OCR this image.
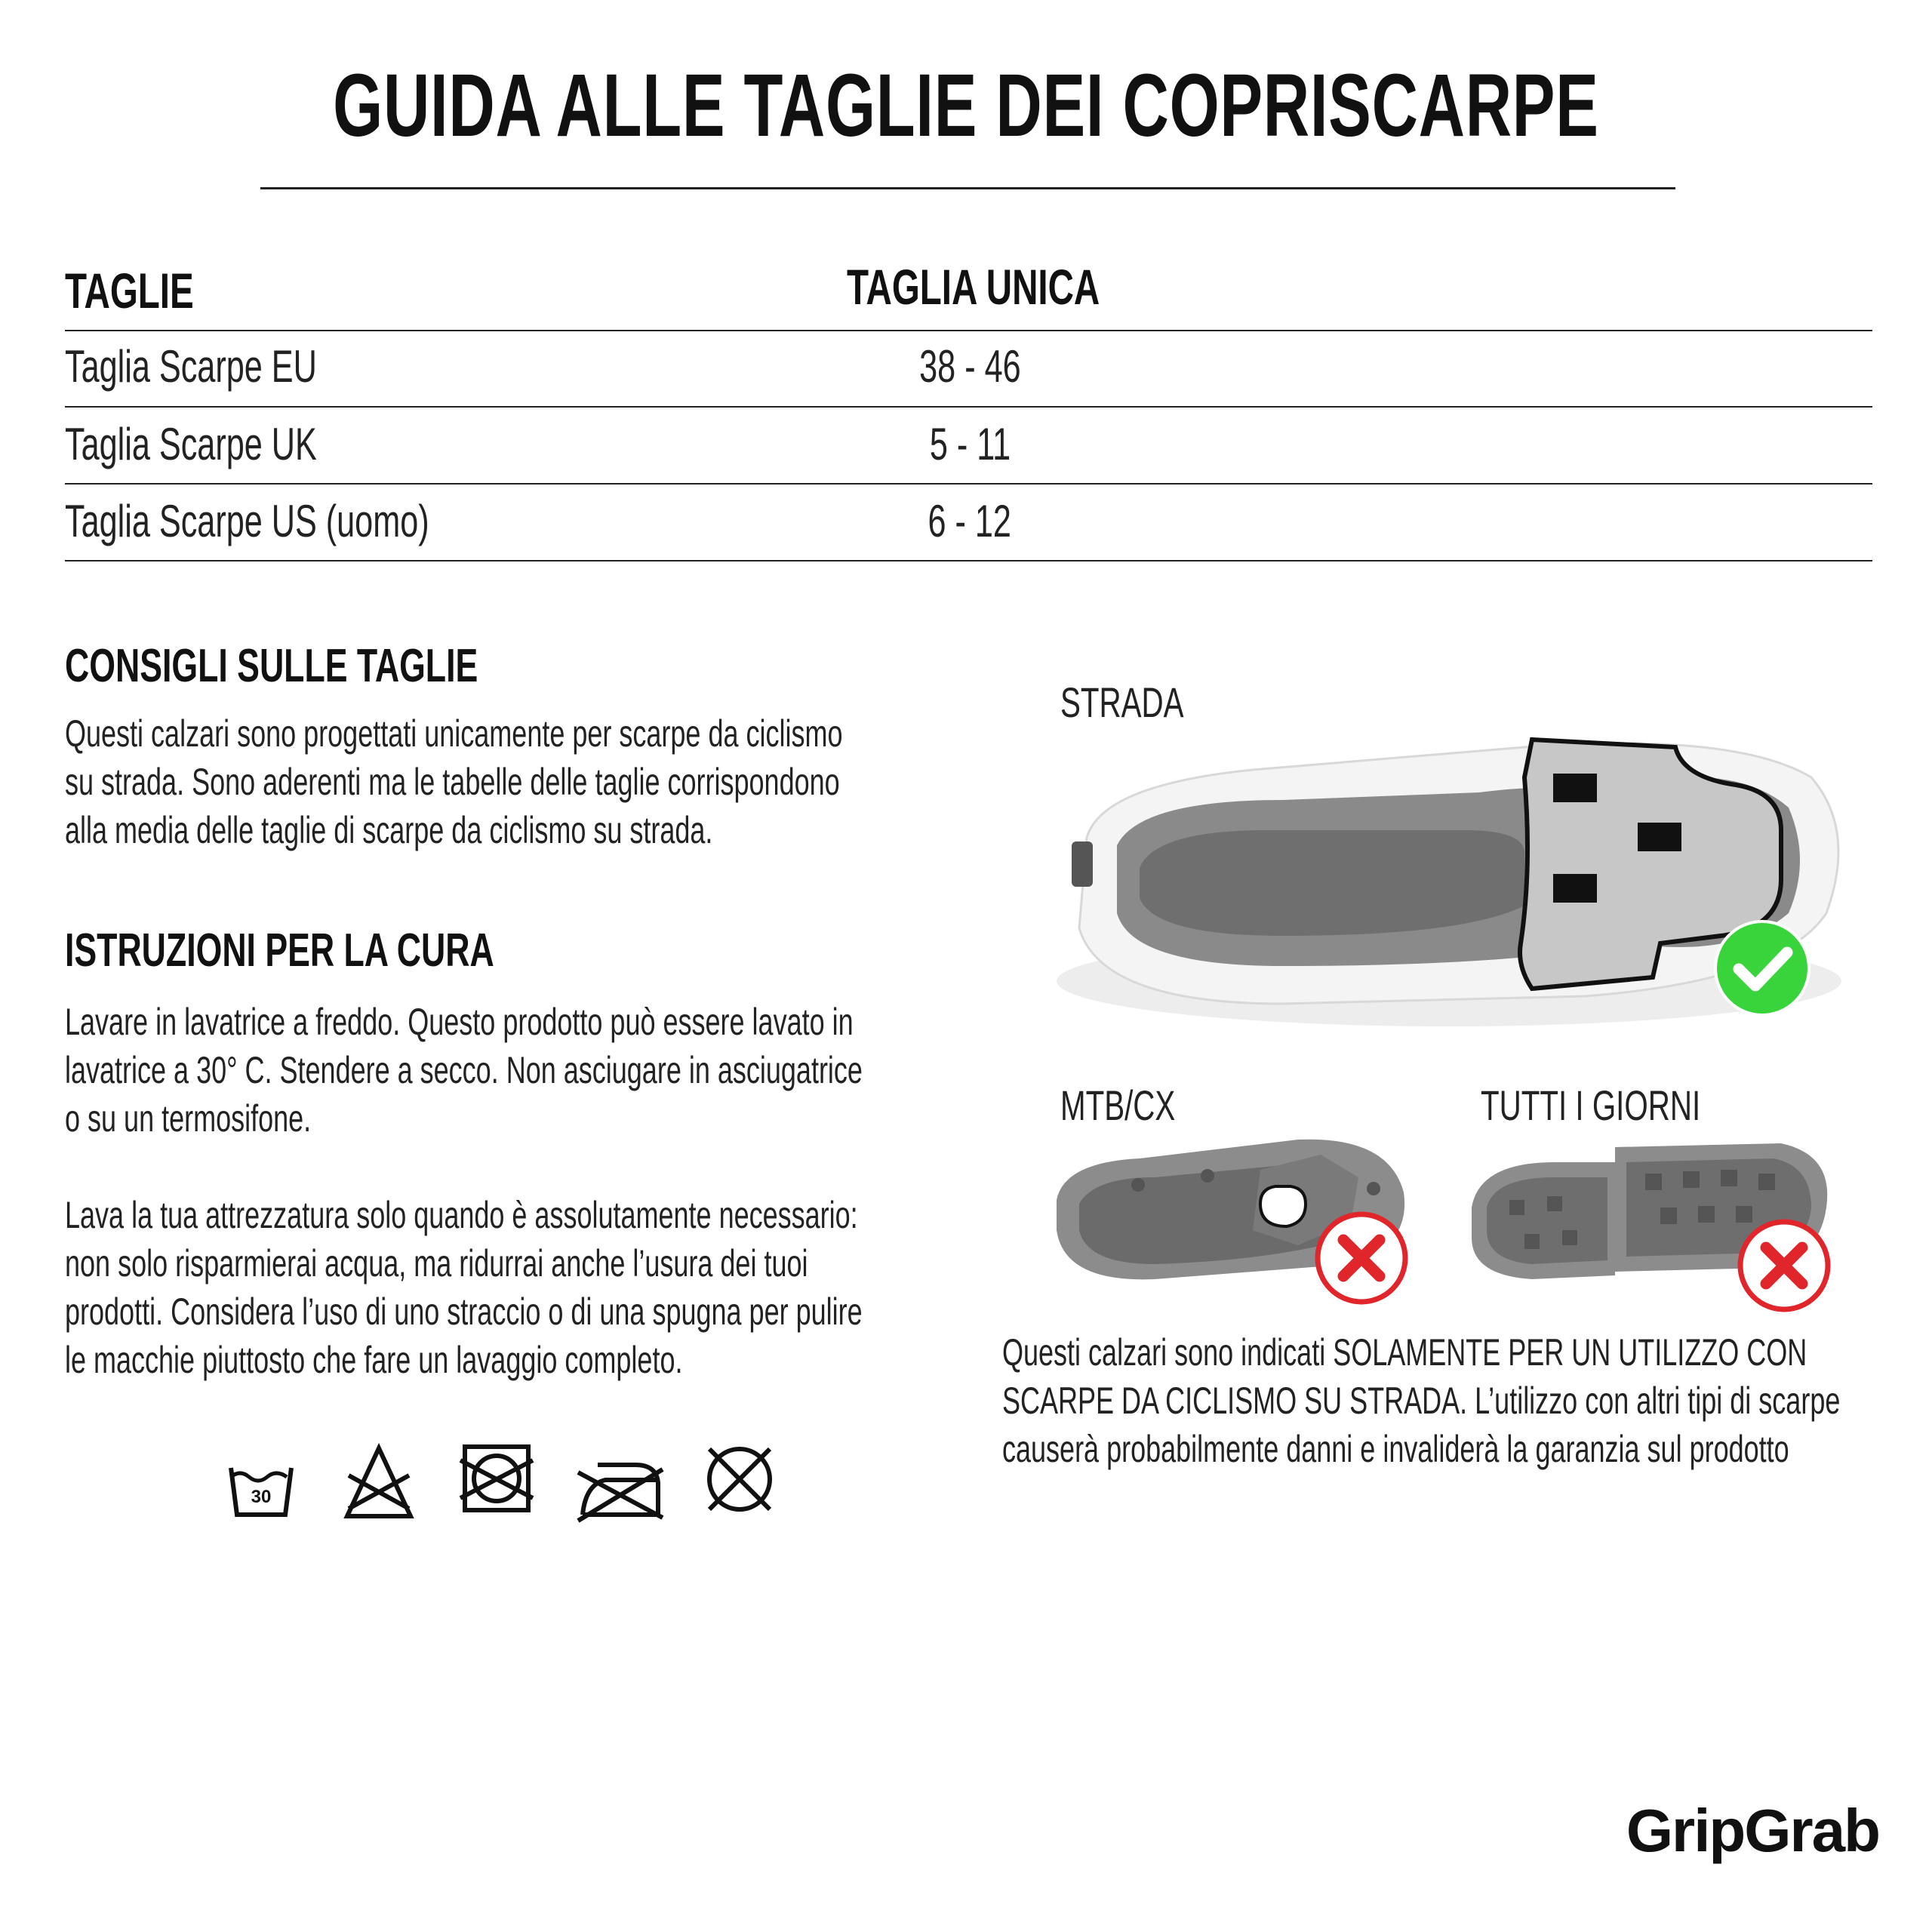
GUIDA ALLE TAGLIE DEI COPRISCARPE
TAGLIE	TAGLIA UNICA
Taglia Scarpe EU	38 - 46
Taglia Scarpe UK	5 - 11
Taglia Scarpe US (uomo)	6 - 12
CONSIGLI SULLE TAGLIE
Questi calzari sono progettati unicamente per scarpe da ciclismo
su strada. Sono aderenti ma le tabelle delle taglie corrispondono
alla media delle taglie di scarpe da ciclismo su strada.
ISTRUZIONI PER LA CURA
Lavare in lavatrice a freddo. Questo prodotto può essere lavato in
lavatrice a 30° C. Stendere a secco. Non asciugare in asciugatrice
o su un termosifone.
Lava la tua attrezzatura solo quando è assolutamente necessario:
non solo risparmierai acqua, ma ridurrai anche l’usura dei tuoi
prodotti. Considera l’uso di uno straccio o di una spugna per pulire
le macchie piuttosto che fare un lavaggio completo.
30
STRADA
MTB/CX	TUTTI I GIORNI
Questi calzari sono indicati SOLAMENTE PER UN UTILIZZO CON
SCARPE DA CICLISMO SU STRADA. L’utilizzo con altri tipi di scarpe
causerà probabilmente danni e invaliderà la garanzia sul prodotto
GripGrab
